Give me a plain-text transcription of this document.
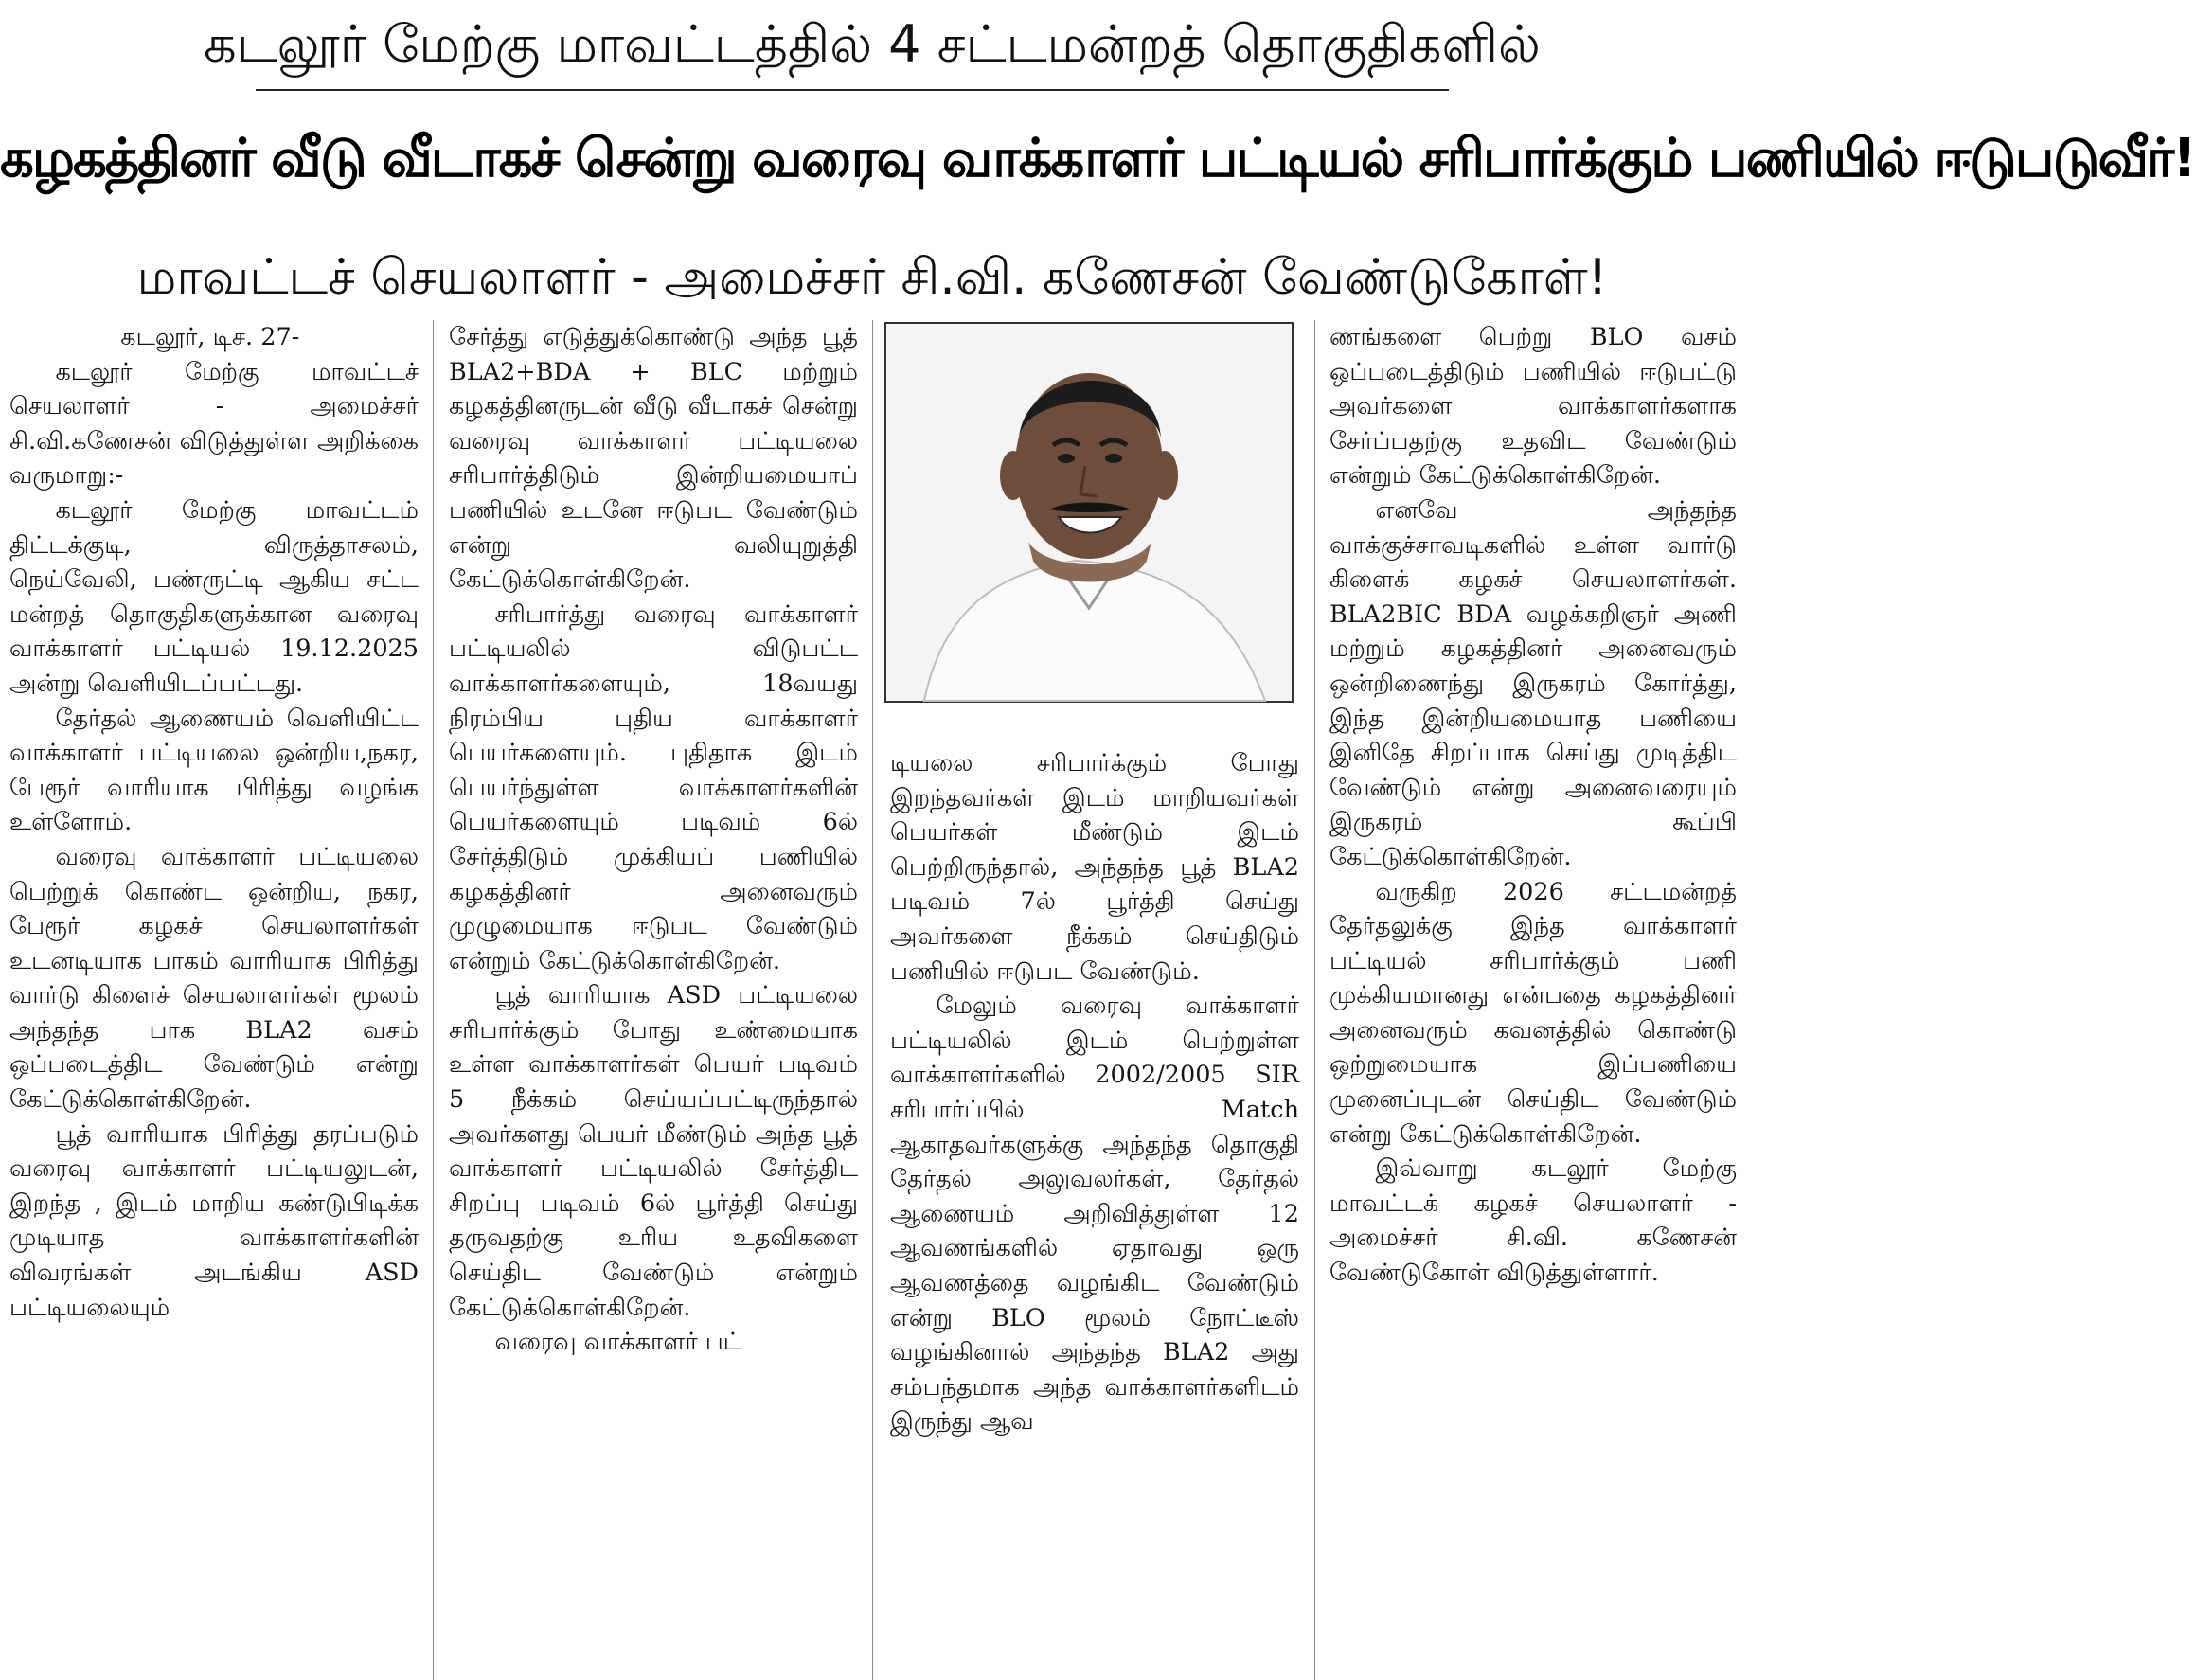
கடலூர் மேற்கு மாவட்டத்தில் 4 சட்டமன்றத் தொகுதிகளில்
கழகத்தினர் வீடு வீடாகச் சென்று வரைவு வாக்காளர் பட்டியல் சரிபார்க்கும் பணியில் ஈடுபடுவீர்!
மாவட்டச் செயலாளர் - அமைச்சர் சி.வி. கணேசன் வேண்டுகோள்!

கடலூர், டிச. 27-

கடலூர் மேற்கு மாவட்டச் செயலாளர் - அமைச்சர் சி.வி.கணேசன் விடுத்துள்ள அறிக்கை வருமாறு:-

கடலூர் மேற்கு மாவட்டம் திட்டக்குடி, விருத்தாசலம், நெய்வேலி, பண்ருட்டி ஆகிய சட்ட மன்றத் தொகுதிகளுக்கான வரைவு வாக்காளர் பட்டியல் 19.12.2025 அன்று வெளியிடப்பட்டது.

தேர்தல் ஆணையம் வெளியிட்ட வாக்காளர் பட்டியலை ஒன்றிய,நகர, பேரூர் வாரியாக பிரித்து வழங்க உள்ளோம்.

வரைவு வாக்காளர் பட்டியலை பெற்றுக் கொண்ட ஒன்றிய, நகர, பேரூர் கழகச் செயலாளர்கள் உடனடியாக பாகம் வாரியாக பிரித்து வார்டு கிளைச் செயலாளர்கள் மூலம் அந்தந்த பாக BLA2 வசம் ஒப்படைத்திட வேண்டும் என்று கேட்டுக்கொள்கிறேன்.

பூத் வாரியாக பிரித்து தரப்படும் வரைவு வாக்காளர் பட்டியலுடன், இறந்த , இடம் மாறிய கண்டுபிடிக்க முடியாத வாக்காளர்களின் விவரங்கள் அடங்கிய ASD பட்டியலையும்

சேர்த்து எடுத்துக்கொண்டு அந்த பூத் BLA2+BDA + BLC மற்றும் கழகத்தினருடன் வீடு வீடாகச் சென்று வரைவு வாக்காளர் பட்டியலை சரிபார்த்திடும் இன்றியமையாப் பணியில் உடனே ஈடுபட வேண்டும் என்று வலியுறுத்தி கேட்டுக்கொள்கிறேன்.

சரிபார்த்து வரைவு வாக்காளர் பட்டியலில் விடுபட்ட வாக்காளர்களையும், 18வயது நிரம்பிய புதிய வாக்காளர் பெயர்களையும். புதிதாக இடம் பெயர்ந்துள்ள வாக்காளர்களின் பெயர்களையும் படிவம் 6ல் சேர்த்திடும் முக்கியப் பணியில் கழகத்தினர் அனைவரும் முழுமையாக ஈடுபட வேண்டும் என்றும் கேட்டுக்கொள்கிறேன்.

பூத் வாரியாக ASD பட்டியலை சரிபார்க்கும் போது உண்மையாக உள்ள வாக்காளர்கள் பெயர் படிவம் 5 நீக்கம் செய்யப்பட்டிருந்தால் அவர்களது பெயர் மீண்டும் அந்த பூத் வாக்காளர் பட்டியலில் சேர்த்திட சிறப்பு படிவம் 6ல் பூர்த்தி செய்து தருவதற்கு உரிய உதவிகளை செய்திட வேண்டும் என்றும் கேட்டுக்கொள்கிறேன்.

வரைவு வாக்காளர் பட்

டியலை சரிபார்க்கும் போது இறந்தவர்கள் இடம் மாறியவர்கள் பெயர்கள் மீண்டும் இடம் பெற்றிருந்தால், அந்தந்த பூத் BLA2 படிவம் 7ல் பூர்த்தி செய்து அவர்களை நீக்கம் செய்திடும் பணியில் ஈடுபட வேண்டும்.

மேலும் வரைவு வாக்காளர் பட்டியலில் இடம் பெற்றுள்ள வாக்காளர்களில் 2002/2005 SIR சரிபார்ப்பில் Match ஆகாதவர்களுக்கு அந்தந்த தொகுதி தேர்தல் அலுவலர்கள், தேர்தல் ஆணையம் அறிவித்துள்ள 12 ஆவணங்களில் ஏதாவது ஒரு ஆவணத்தை வழங்கிட வேண்டும் என்று BLO மூலம் நோட்டீஸ் வழங்கினால் அந்தந்த BLA2 அது சம்பந்தமாக அந்த வாக்காளர்களிடம் இருந்து ஆவ

ணங்களை பெற்று BLO வசம் ஒப்படைத்திடும் பணியில் ஈடுபட்டு அவர்களை வாக்காளர்களாக சேர்ப்பதற்கு உதவிட வேண்டும் என்றும் கேட்டுக்கொள்கிறேன்.

எனவே அந்தந்த வாக்குச்சாவடிகளில் உள்ள வார்டு கிளைக் கழகச் செயலாளர்கள். BLA2BIC BDA வழக்கறிஞர் அணி மற்றும் கழகத்தினர் அனைவரும் ஒன்றிணைந்து இருகரம் கோர்த்து, இந்த இன்றியமையாத பணியை இனிதே சிறப்பாக செய்து முடித்திட வேண்டும் என்று அனைவரையும் இருகரம் கூப்பி கேட்டுக்கொள்கிறேன்.

வருகிற 2026 சட்டமன்றத் தேர்தலுக்கு இந்த வாக்காளர் பட்டியல் சரிபார்க்கும் பணி முக்கியமானது என்பதை கழகத்தினர் அனைவரும் கவனத்தில் கொண்டு ஒற்றுமையாக இப்பணியை முனைப்புடன் செய்திட வேண்டும் என்று கேட்டுக்கொள்கிறேன்.

இவ்வாறு கடலூர் மேற்கு மாவட்டக் கழகச் செயலாளர் - அமைச்சர் சி.வி. கணேசன் வேண்டுகோள் விடுத்துள்ளார்.
